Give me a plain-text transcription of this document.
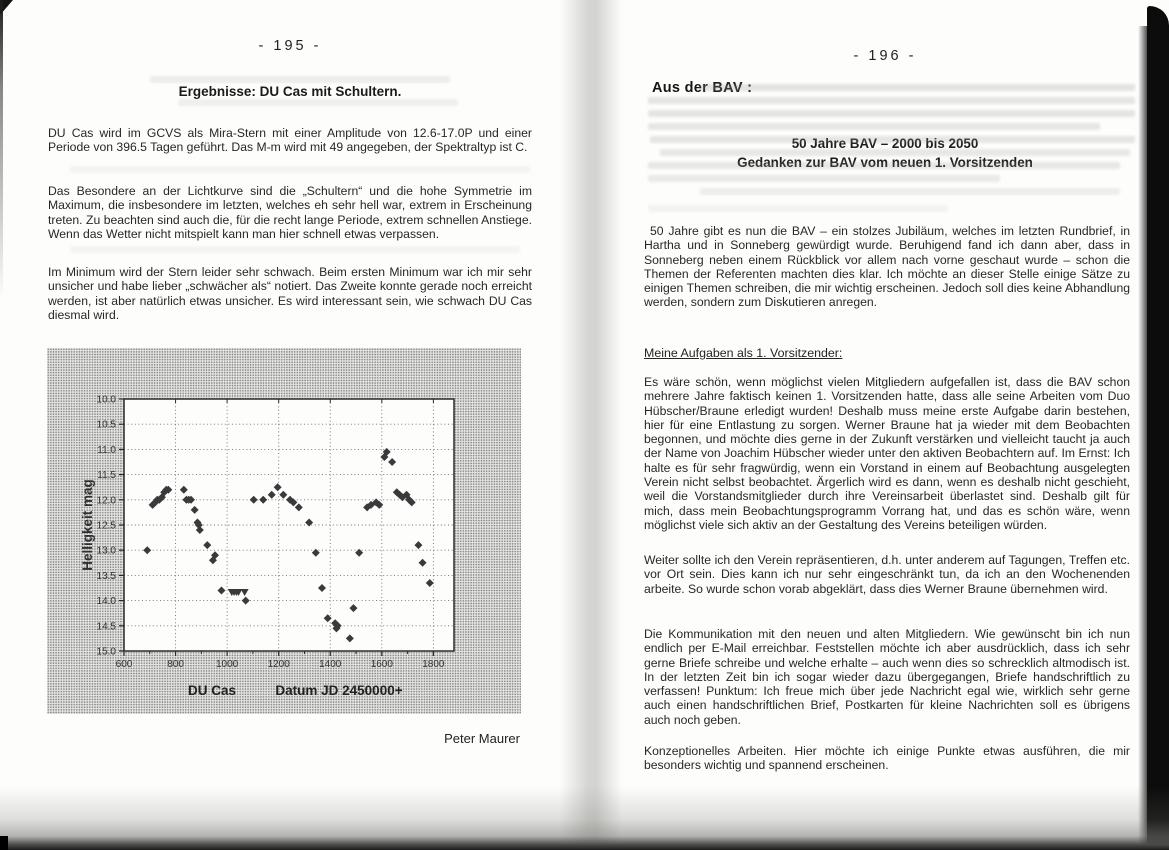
- 195 -
Ergebnisse: DU Cas mit Schultern.
DU Cas wird im GCVS als Mira-Stern mit einer Amplitude von 12.6-17.0P und einer Periode von 396.5 Tagen geführt. Das M-m wird mit 49 angegeben, der Spektraltyp ist C.
Das Besondere an der Lichtkurve sind die „Schultern“ und die hohe Symmetrie im Maximum, die insbesondere im letzten, welches eh sehr hell war, extrem in Erscheinung treten. Zu beachten sind auch die, für die recht lange Periode, extrem schnellen Anstiege. Wenn das Wetter nicht mitspielt kann man hier schnell etwas verpassen.
Im Minimum wird der Stern leider sehr schwach. Beim ersten Minimum war ich mir sehr unsicher und habe lieber „schwächer als“ notiert. Das Zweite konnte gerade noch erreicht werden, ist aber natürlich etwas unsicher. Es wird interessant sein, wie schwach DU Cas diesmal wird.
600	800	1000	1200	1400	1600	1800
10.0
10.5
11.0
11.5
12.0
12.5
13.0
13.5
14.0
14.5
15.0
Helligkeit mag
DU Cas	Datum JD 2450000+
Peter Maurer
- 196 -
Aus der BAV :
50 Jahre BAV – 2000 bis 2050
Gedanken zur BAV vom neuen 1. Vorsitzenden
50 Jahre gibt es nun die BAV – ein stolzes Jubiläum, welches im letzten Rundbrief, in Hartha und in Sonneberg gewürdigt wurde. Beruhigend fand ich dann aber, dass in Sonneberg neben einem Rückblick vor allem nach vorne geschaut wurde – schon die Themen der Referenten machten dies klar. Ich möchte an dieser Stelle einige Sätze zu einigen Themen schreiben, die mir wichtig erscheinen. Jedoch soll dies keine Abhandlung werden, sondern zum Diskutieren anregen.
Meine Aufgaben als 1. Vorsitzender:
Es wäre schön, wenn möglichst vielen Mitgliedern aufgefallen ist, dass die BAV schon mehrere Jahre faktisch keinen 1. Vorsitzenden hatte, dass alle seine Arbeiten vom Duo Hübscher/Braune erledigt wurden! Deshalb muss meine erste Aufgabe darin bestehen, hier für eine Entlastung zu sorgen. Werner Braune hat ja wieder mit dem Beobachten begonnen, und möchte dies gerne in der Zukunft verstärken und vielleicht taucht ja auch der Name von Joachim Hübscher wieder unter den aktiven Beobachtern auf. Im Ernst: Ich halte es für sehr fragwürdig, wenn ein Vorstand in einem auf Beobachtung ausgelegten Verein nicht selbst beobachtet. Ärgerlich wird es dann, wenn es deshalb nicht geschieht, weil die Vorstandsmitglieder durch ihre Vereinsarbeit überlastet sind. Deshalb gilt für mich, dass mein Beobachtungsprogramm Vorrang hat, und das es schön wäre, wenn möglichst viele sich aktiv an der Gestaltung des Vereins beteiligen würden.
Weiter sollte ich den Verein repräsentieren, d.h. unter anderem auf Tagungen, Treffen etc. vor Ort sein. Dies kann ich nur sehr eingeschränkt tun, da ich an den Wochenenden arbeite. So wurde schon vorab abgeklärt, dass dies Werner Braune übernehmen wird.
Die Kommunikation mit den neuen und alten Mitgliedern. Wie gewünscht bin ich nun endlich per E-Mail erreichbar. Feststellen möchte ich aber ausdrücklich, dass ich sehr gerne Briefe schreibe und welche erhalte – auch wenn dies so schrecklich altmodisch ist. In der letzten Zeit bin ich sogar wieder dazu übergegangen, Briefe handschriftlich zu verfassen! Punktum: Ich freue mich über jede Nachricht egal wie, wirklich sehr gerne auch einen handschriftlichen Brief, Postkarten für kleine Nachrichten soll es übrigens auch noch geben.
Konzeptionelles Arbeiten. Hier möchte ich einige Punkte etwas ausführen, die mir besonders wichtig und spannend erscheinen.
